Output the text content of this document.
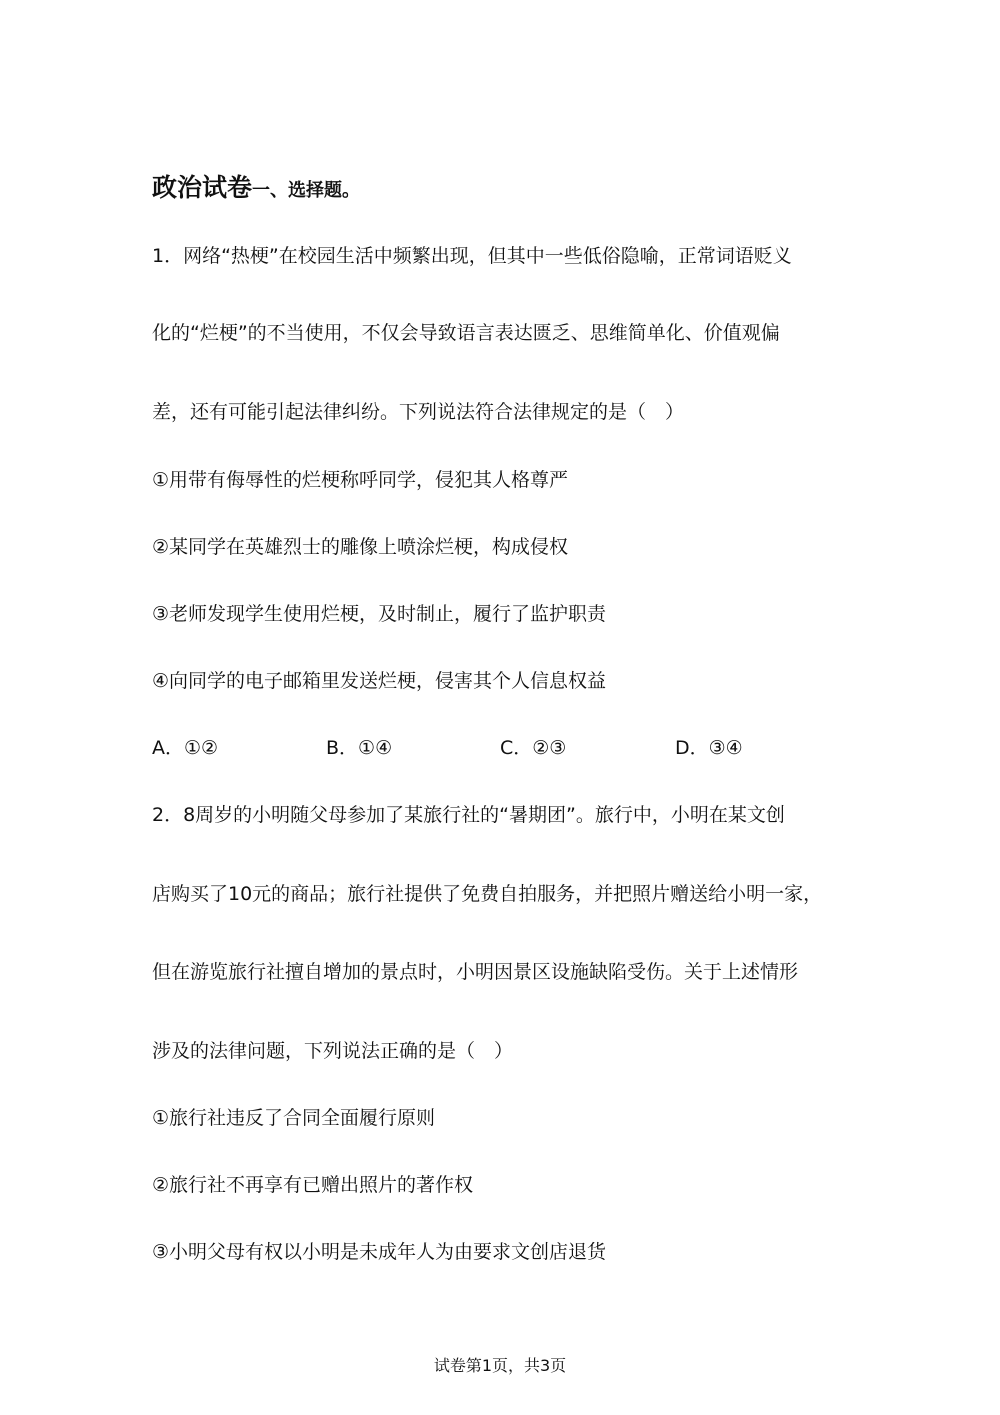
政治试卷一、选择题。
1．网络“热梗”在校园生活中频繁出现，但其中一些低俗隐喻，正常词语贬义
化的“烂梗”的不当使用，不仅会导致语言表达匮乏、思维简单化、价值观偏
差，还有可能引起法律纠纷。下列说法符合法律规定的是（　）
①用带有侮辱性的烂梗称呼同学，侵犯其人格尊严
②某同学在英雄烈士的雕像上喷涂烂梗，构成侵权
③老师发现学生使用烂梗，及时制止，履行了监护职责
④向同学的电子邮箱里发送烂梗，侵害其个人信息权益
A．①②	B．①④	C．②③	D．③④
2．8周岁的小明随父母参加了某旅行社的“暑期团”。旅行中，小明在某文创
店购买了10元的商品；旅行社提供了免费自拍服务，并把照片赠送给小明一家，
但在游览旅行社擅自增加的景点时，小明因景区设施缺陷受伤。关于上述情形
涉及的法律问题，下列说法正确的是（　）
①旅行社违反了合同全面履行原则
②旅行社不再享有已赠出照片的著作权
③小明父母有权以小明是未成年人为由要求文创店退货
试卷第1页，共3页
